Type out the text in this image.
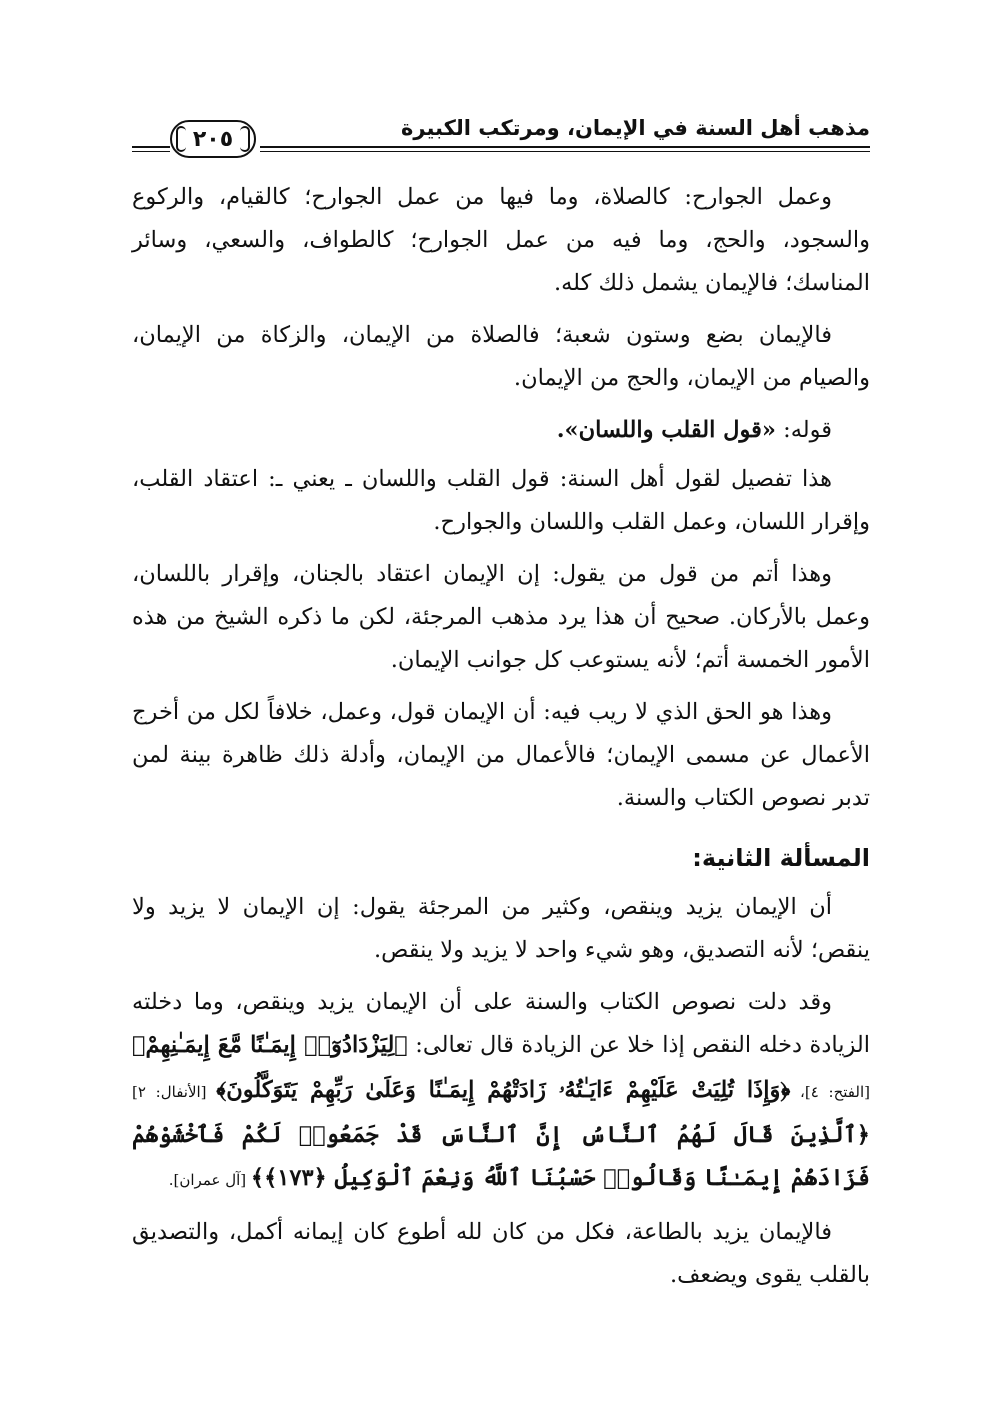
مذهب أهل السنة في الإيمان، ومرتكب الكبيرة
٢٠٥

وعمل الجوارح: كالصلاة، وما فيها من عمل الجوارح؛ كالقيام، والركوع والسجود، والحج، وما فيه من عمل الجوارح؛ كالطواف، والسعي، وسائر المناسك؛ فالإيمان يشمل ذلك كله.

فالإيمان بضع وستون شعبة؛ فالصلاة من الإيمان، والزكاة من الإيمان، والصيام من الإيمان، والحج من الإيمان.

قوله: «قول القلب واللسان».

هذا تفصيل لقول أهل السنة: قول القلب واللسان ـ يعني ـ: اعتقاد القلب، وإقرار اللسان، وعمل القلب واللسان والجوارح.

وهذا أتم من قول من يقول: إن الإيمان اعتقاد بالجنان، وإقرار باللسان، وعمل بالأركان. صحيح أن هذا يرد مذهب المرجئة، لكن ما ذكره الشيخ من هذه الأمور الخمسة أتم؛ لأنه يستوعب كل جوانب الإيمان.

وهذا هو الحق الذي لا ريب فيه: أن الإيمان قول، وعمل، خلافاً لكل من أخرج الأعمال عن مسمى الإيمان؛ فالأعمال من الإيمان، وأدلة ذلك ظاهرة بينة لمن تدبر نصوص الكتاب والسنة.

المسألة الثانية:

أن الإيمان يزيد وينقص، وكثير من المرجئة يقول: إن الإيمان لا يزيد ولا ينقص؛ لأنه التصديق، وهو شيء واحد لا يزيد ولا ينقص.

وقد دلت نصوص الكتاب والسنة على أن الإيمان يزيد وينقص، وما دخلته الزيادة دخله النقص إذا خلا عن الزيادة قال تعالى: ﴿لِيَزْدَادُوٓا۟ إِيمَـٰنًا مَّعَ إِيمَـٰنِهِمْ﴾ [الفتح: ٤]، ﴿وَإِذَا تُلِيَتْ عَلَيْهِمْ ءَايَـٰتُهُۥ زَادَتْهُمْ إِيمَـٰنًا وَعَلَىٰ رَبِّهِمْ يَتَوَكَّلُونَ﴾ [الأنفال: ٢] ﴿ٱلَّذِينَ قَالَ لَهُمُ ٱلنَّاسُ إِنَّ ٱلنَّاسَ قَدْ جَمَعُوا۟ لَكُمْ فَٱخْشَوْهُمْ فَزَادَهُمْ إِيمَـٰنًا وَقَالُوا۟ حَسْبُنَا ٱللَّهُ وَنِعْمَ ٱلْوَكِيلُ ﴿١٧٣﴾﴾ [آل عمران].

فالإيمان يزيد بالطاعة، فكل من كان لله أطوع كان إيمانه أكمل، والتصديق بالقلب يقوى ويضعف.
